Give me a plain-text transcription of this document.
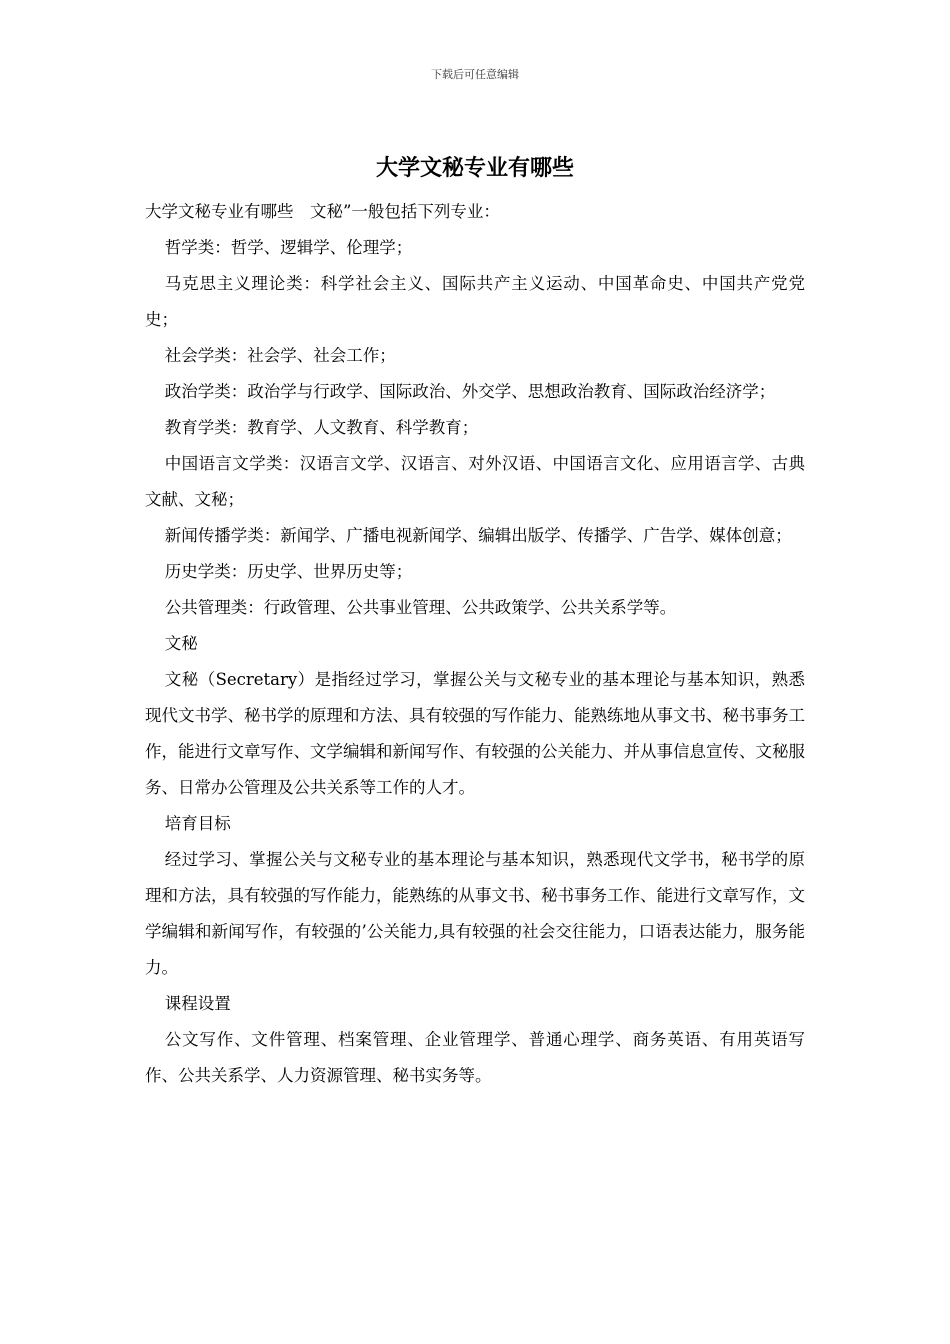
下载后可任意编辑
大学文秘专业有哪些

大学文秘专业有哪些　文秘”一般包括下列专业：

哲学类：哲学、逻辑学、伦理学；

马克思主义理论类：科学社会主义、国际共产主义运动、中国革命史、中国共产党党史；

社会学类：社会学、社会工作；

政治学类：政治学与行政学、国际政治、外交学、思想政治教育、国际政治经济学；

教育学类：教育学、人文教育、科学教育；

中国语言文学类：汉语言文学、汉语言、对外汉语、中国语言文化、应用语言学、古典文献、文秘；

新闻传播学类：新闻学、广播电视新闻学、编辑出版学、传播学、广告学、媒体创意；

历史学类：历史学、世界历史等；

公共管理类：行政管理、公共事业管理、公共政策学、公共关系学等。

文秘

文秘（Secretary）是指经过学习，掌握公关与文秘专业的基本理论与基本知识，熟悉现代文书学、秘书学的原理和方法、具有较强的写作能力、能熟练地从事文书、秘书事务工作，能进行文章写作、文学编辑和新闻写作、有较强的公关能力、并从事信息宣传、文秘服务、日常办公管理及公共关系等工作的人才。

培育目标

经过学习、掌握公关与文秘专业的基本理论与基本知识，熟悉现代文学书，秘书学的原理和方法，具有较强的写作能力，能熟练的从事文书、秘书事务工作、能进行文章写作，文学编辑和新闻写作，有较强的’公关能力,具有较强的社会交往能力，口语表达能力，服务能力。

课程设置

公文写作、文件管理、档案管理、企业管理学、普通心理学、商务英语、有用英语写作、公共关系学、人力资源管理、秘书实务等。
